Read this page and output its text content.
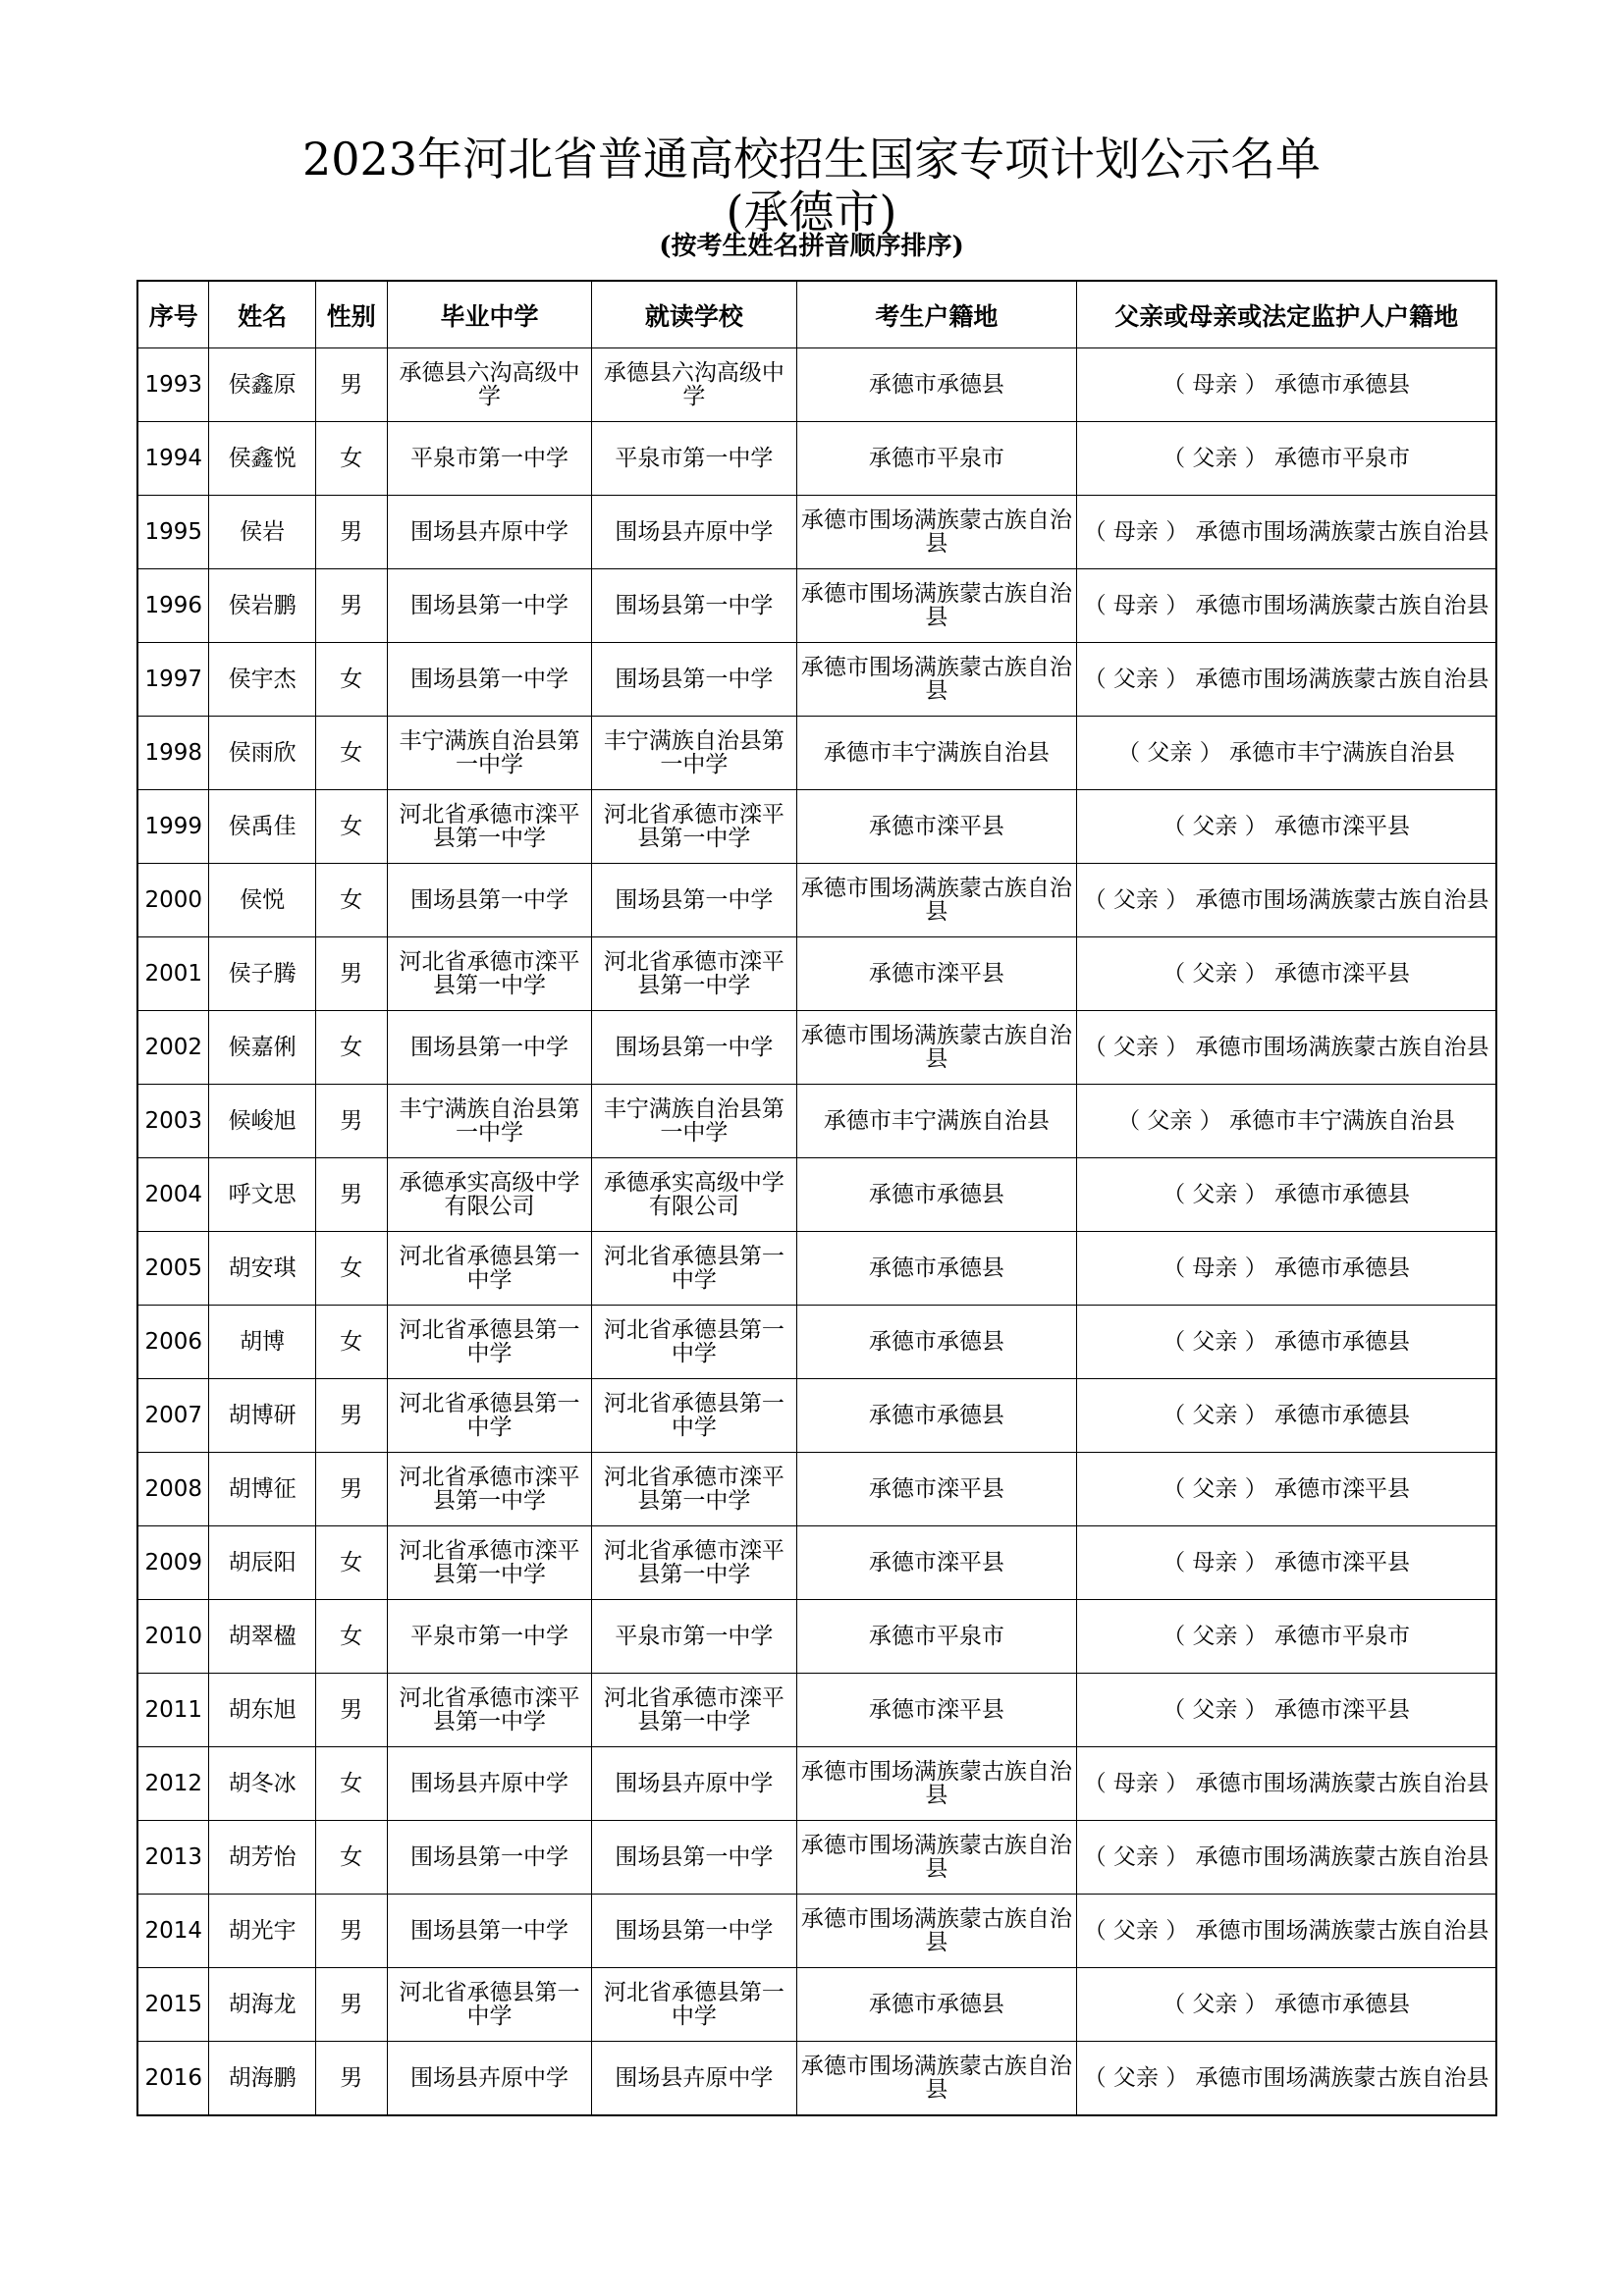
2023年河北省普通高校招生国家专项计划公示名单
(承德市)
(按考生姓名拼音顺序排序)
序号	姓名	性别	毕业中学	就读学校	考生户籍地	父亲或母亲或法定监护人户籍地
1993	侯鑫原	男	承德县六沟高级中学	承德县六沟高级中学	承德市承德县	（ 母亲 ） 承德市承德县
1994	侯鑫悦	女	平泉市第一中学	平泉市第一中学	承德市平泉市	（ 父亲 ） 承德市平泉市
1995	侯岩	男	围场县卉原中学	围场县卉原中学	承德市围场满族蒙古族自治县	（ 母亲 ） 承德市围场满族蒙古族自治县
1996	侯岩鹏	男	围场县第一中学	围场县第一中学	承德市围场满族蒙古族自治县	（ 母亲 ） 承德市围场满族蒙古族自治县
1997	侯宇杰	女	围场县第一中学	围场县第一中学	承德市围场满族蒙古族自治县	（ 父亲 ） 承德市围场满族蒙古族自治县
1998	侯雨欣	女	丰宁满族自治县第一中学	丰宁满族自治县第一中学	承德市丰宁满族自治县	（ 父亲 ） 承德市丰宁满族自治县
1999	侯禹佳	女	河北省承德市滦平县第一中学	河北省承德市滦平县第一中学	承德市滦平县	（ 父亲 ） 承德市滦平县
2000	侯悦	女	围场县第一中学	围场县第一中学	承德市围场满族蒙古族自治县	（ 父亲 ） 承德市围场满族蒙古族自治县
2001	侯子腾	男	河北省承德市滦平县第一中学	河北省承德市滦平县第一中学	承德市滦平县	（ 父亲 ） 承德市滦平县
2002	候嘉俐	女	围场县第一中学	围场县第一中学	承德市围场满族蒙古族自治县	（ 父亲 ） 承德市围场满族蒙古族自治县
2003	候峻旭	男	丰宁满族自治县第一中学	丰宁满族自治县第一中学	承德市丰宁满族自治县	（ 父亲 ） 承德市丰宁满族自治县
2004	呼文思	男	承德承实高级中学有限公司	承德承实高级中学有限公司	承德市承德县	（ 父亲 ） 承德市承德县
2005	胡安琪	女	河北省承德县第一中学	河北省承德县第一中学	承德市承德县	（ 母亲 ） 承德市承德县
2006	胡博	女	河北省承德县第一中学	河北省承德县第一中学	承德市承德县	（ 父亲 ） 承德市承德县
2007	胡博研	男	河北省承德县第一中学	河北省承德县第一中学	承德市承德县	（ 父亲 ） 承德市承德县
2008	胡博征	男	河北省承德市滦平县第一中学	河北省承德市滦平县第一中学	承德市滦平县	（ 父亲 ） 承德市滦平县
2009	胡辰阳	女	河北省承德市滦平县第一中学	河北省承德市滦平县第一中学	承德市滦平县	（ 母亲 ） 承德市滦平县
2010	胡翠楹	女	平泉市第一中学	平泉市第一中学	承德市平泉市	（ 父亲 ） 承德市平泉市
2011	胡东旭	男	河北省承德市滦平县第一中学	河北省承德市滦平县第一中学	承德市滦平县	（ 父亲 ） 承德市滦平县
2012	胡冬冰	女	围场县卉原中学	围场县卉原中学	承德市围场满族蒙古族自治县	（ 母亲 ） 承德市围场满族蒙古族自治县
2013	胡芳怡	女	围场县第一中学	围场县第一中学	承德市围场满族蒙古族自治县	（ 父亲 ） 承德市围场满族蒙古族自治县
2014	胡光宇	男	围场县第一中学	围场县第一中学	承德市围场满族蒙古族自治县	（ 父亲 ） 承德市围场满族蒙古族自治县
2015	胡海龙	男	河北省承德县第一中学	河北省承德县第一中学	承德市承德县	（ 父亲 ） 承德市承德县
2016	胡海鹏	男	围场县卉原中学	围场县卉原中学	承德市围场满族蒙古族自治县	（ 父亲 ） 承德市围场满族蒙古族自治县
